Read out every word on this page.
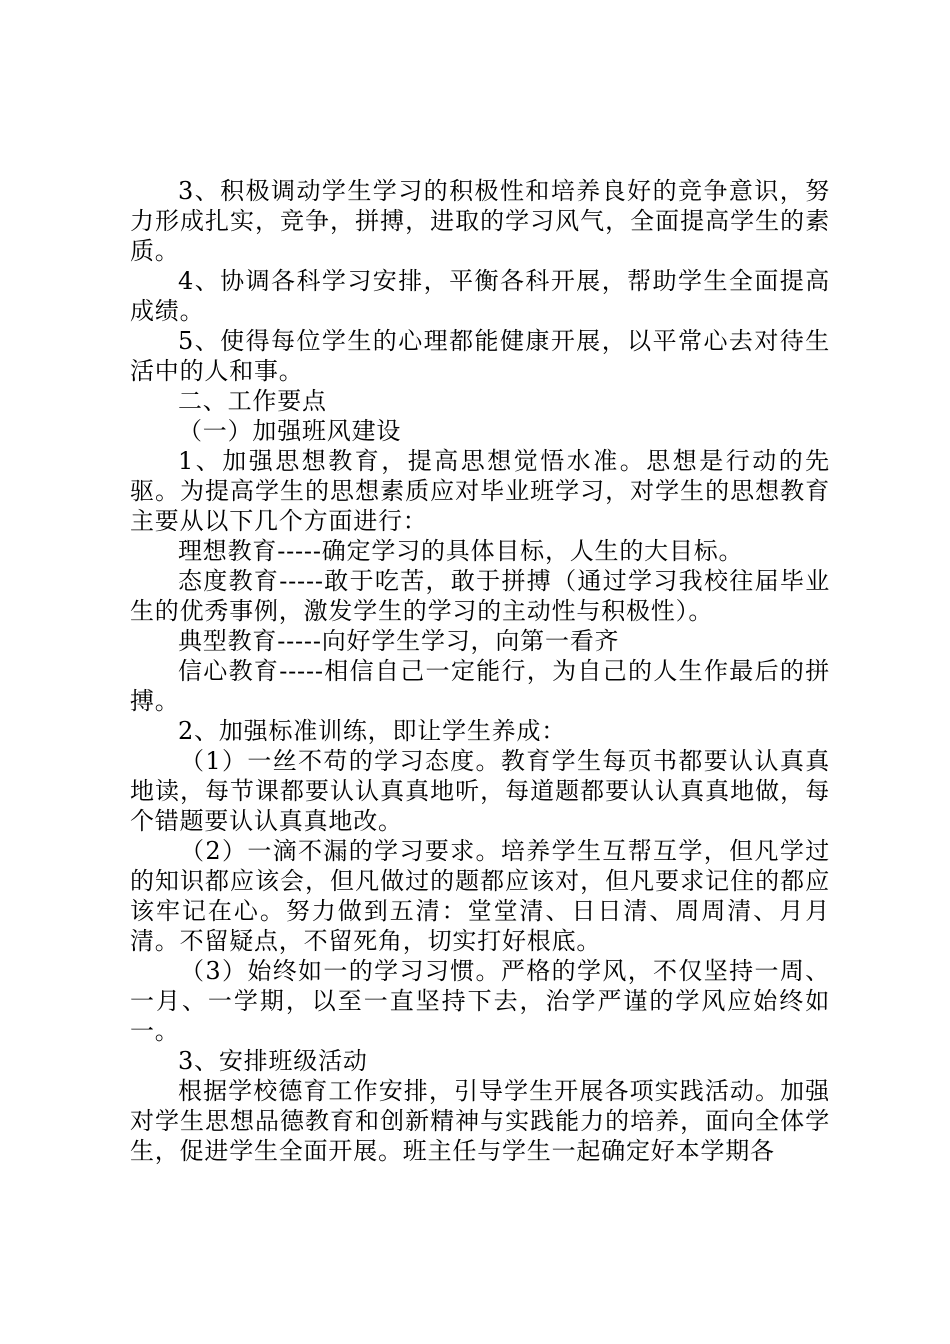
3、积极调动学生学习的积极性和培养良好的竞争意识，努力形成扎实，竞争，拼搏，进取的学习风气，全面提高学生的素质。

4、协调各科学习安排，平衡各科开展，帮助学生全面提高成绩。

5、使得每位学生的心理都能健康开展，以平常心去对待生活中的人和事。

二、工作要点

（一）加强班风建设

1、加强思想教育，提高思想觉悟水准。思想是行动的先驱。为提高学生的思想素质应对毕业班学习，对学生的思想教育主要从以下几个方面进行：

理想教育-----确定学习的具体目标，人生的大目标。

态度教育-----敢于吃苦，敢于拼搏（通过学习我校往届毕业生的优秀事例，激发学生的学习的主动性与积极性）。

典型教育-----向好学生学习，向第一看齐

信心教育-----相信自己一定能行，为自己的人生作最后的拼搏。

2、加强标准训练，即让学生养成：

（1）一丝不苟的学习态度。教育学生每页书都要认认真真地读，每节课都要认认真真地听，每道题都要认认真真地做，每个错题要认认真真地改。

（2）一滴不漏的学习要求。培养学生互帮互学，但凡学过的知识都应该会，但凡做过的题都应该对，但凡要求记住的都应该牢记在心。努力做到五清：堂堂清、日日清、周周清、月月清。不留疑点，不留死角，切实打好根底。

（3）始终如一的学习习惯。严格的学风，不仅坚持一周、一月、一学期，以至一直坚持下去，治学严谨的学风应始终如一。

3、安排班级活动

根据学校德育工作安排，引导学生开展各项实践活动。加强对学生思想品德教育和创新精神与实践能力的培养，面向全体学生，促进学生全面开展。班主任与学生一起确定好本学期各
